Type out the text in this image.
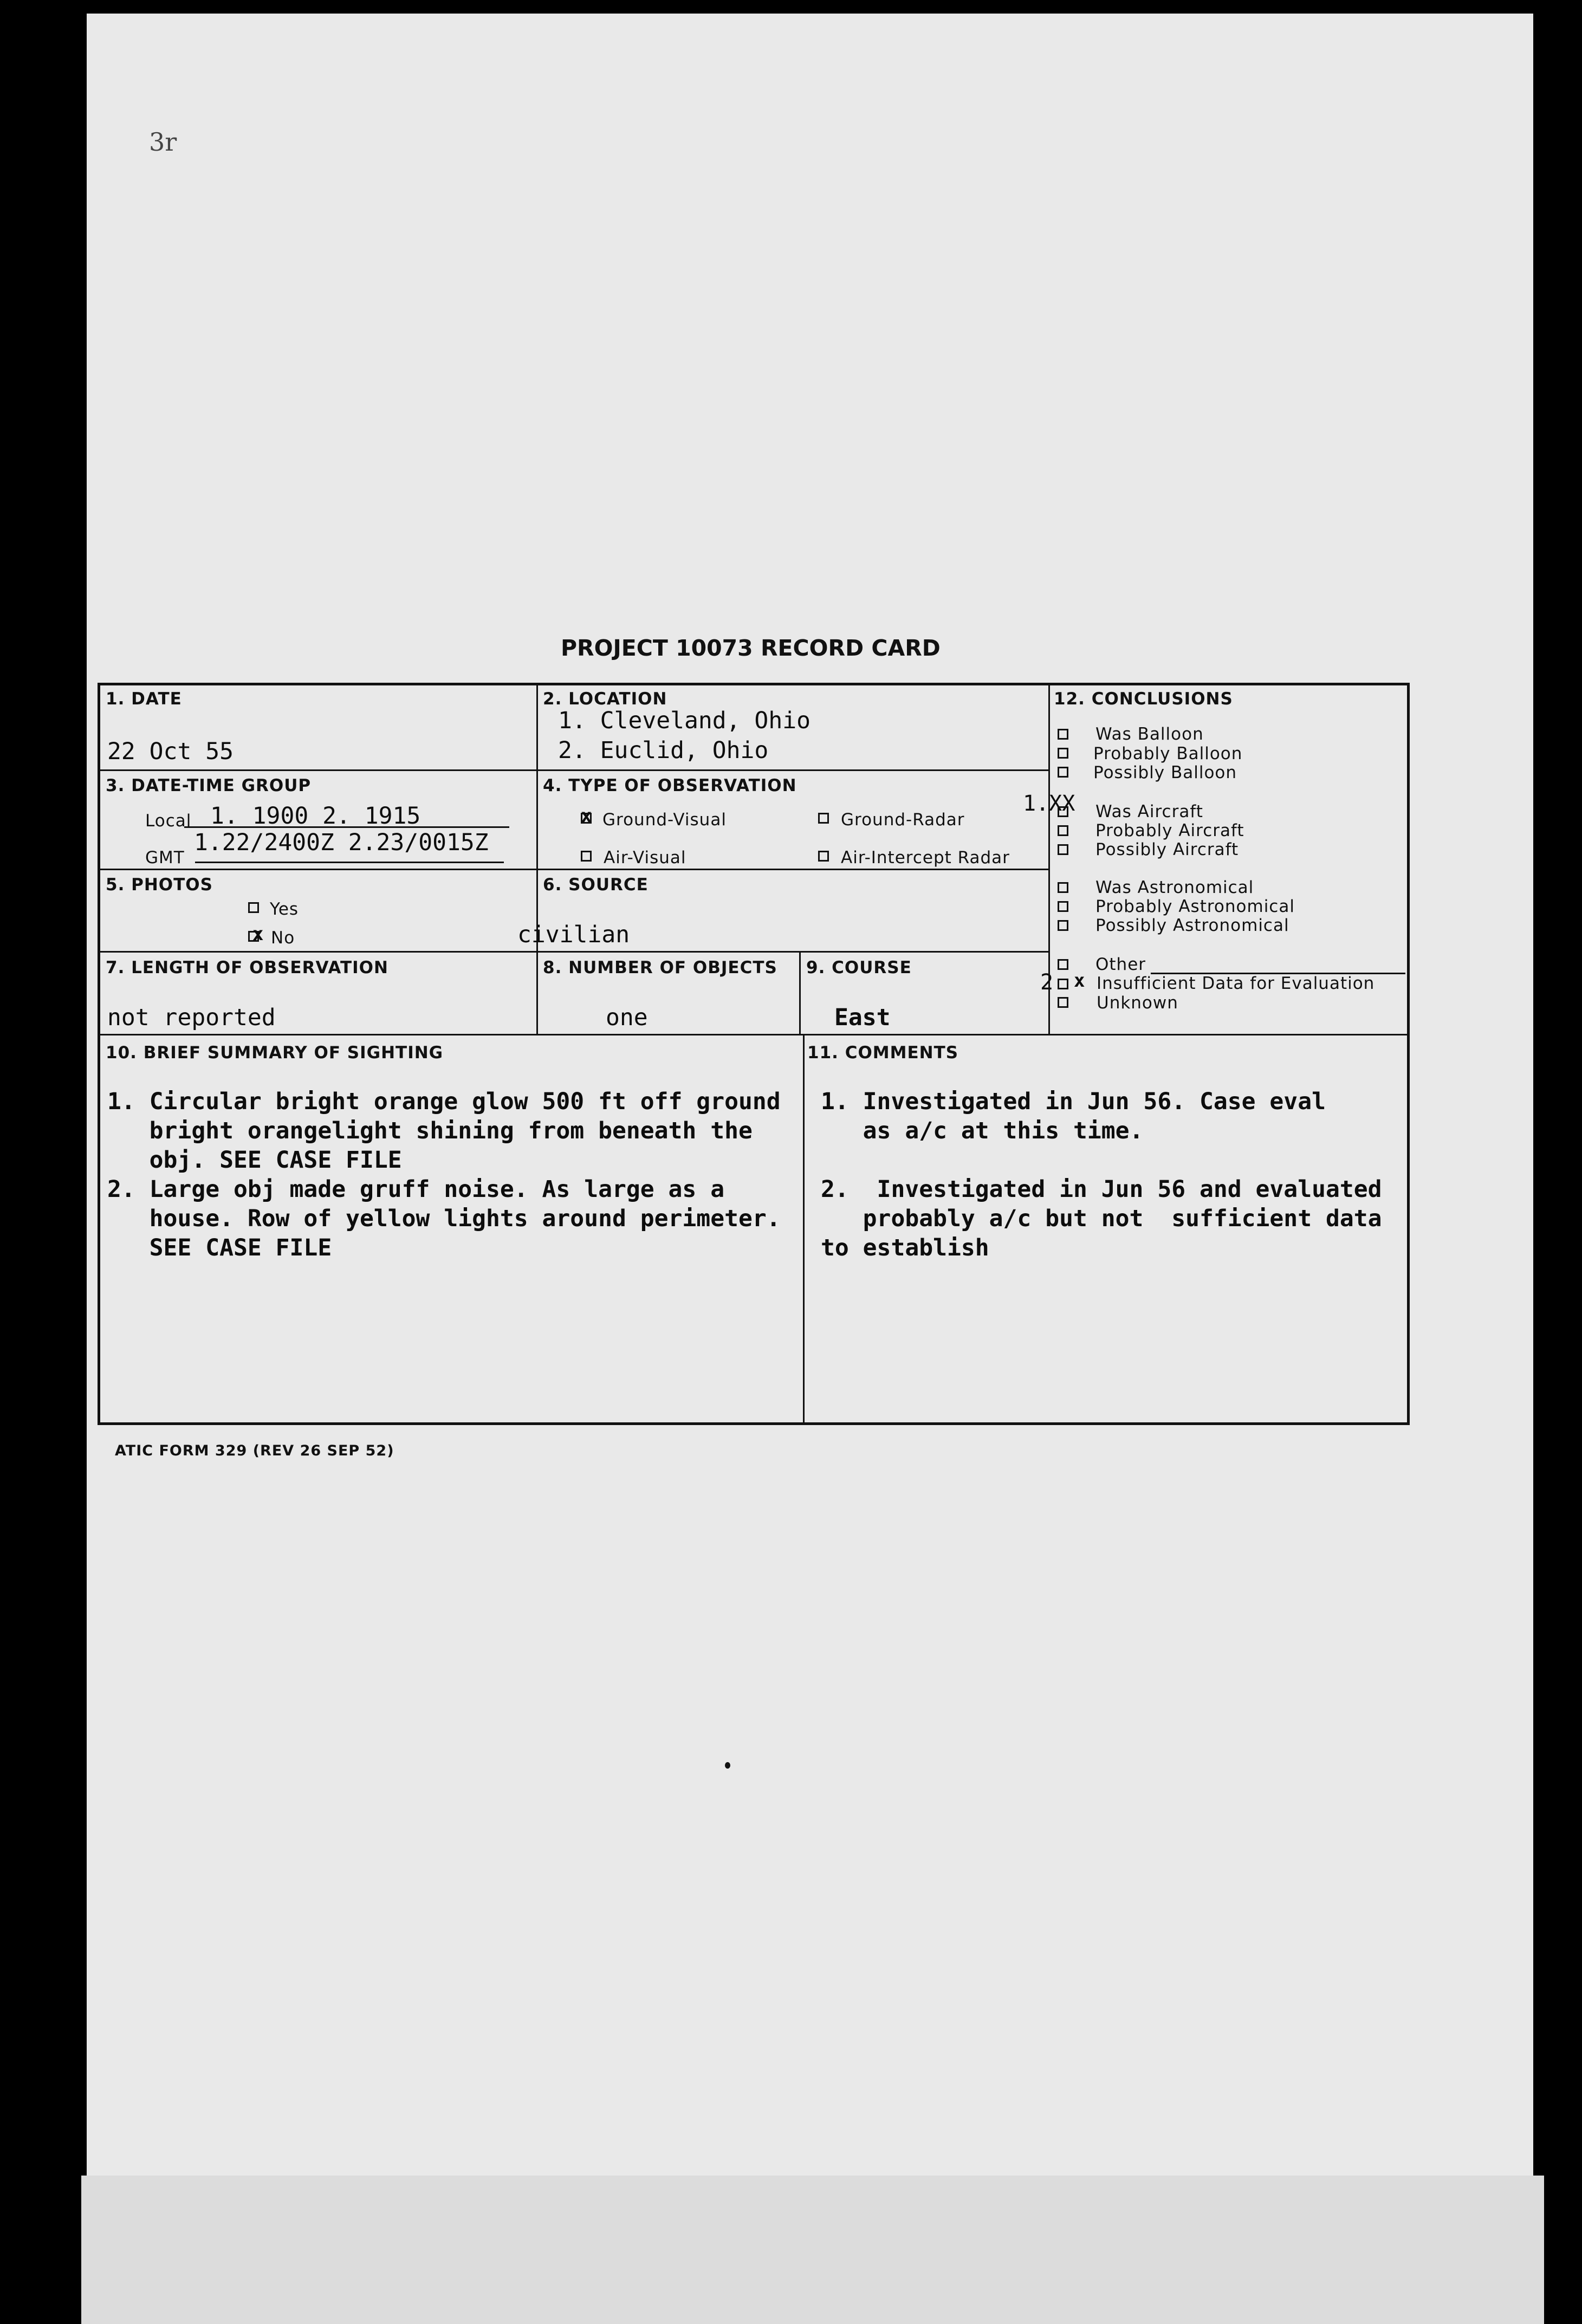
3r
PROJECT 10073 RECORD CARD
1. DATE
22 Oct 55
2. LOCATION
1. Cleveland, Ohio
2. Euclid, Ohio
3. DATE-TIME GROUP
Local 1. 1900 2. 1915
GMT
1.22/2400Z 2.23/0015Z
4. TYPE OF OBSERVATION
x Ground-Visual	Ground-Radar
Air-Visual	Air-Intercept Radar
5. PHOTOS
Yes
x No
6. SOURCE
civilian
7. LENGTH OF OBSERVATION
not reported
8. NUMBER OF OBJECTS
one
9. COURSE
East
12. CONCLUSIONS
Was Balloon
Probably Balloon
Possibly Balloon
1.XX Was Aircraft
Probably Aircraft
Possibly Aircraft
Was Astronomical
Probably Astronomical
Possibly Astronomical
Other
2 x Insufficient Data for Evaluation
Unknown
10. BRIEF SUMMARY OF SIGHTING
1. Circular bright orange glow 500 ft off ground
bright orangelight shining from beneath the
obj. SEE CASE FILE
2. Large obj made gruff noise. As large as a
house. Row of yellow lights around perimeter.
SEE CASE FILE
11. COMMENTS
1. Investigated in Jun 56. Case eval
as a/c at this time.
2.  Investigated in Jun 56 and evaluated
probably a/c but not  sufficient data
to establish
ATIC FORM 329 (REV 26 SEP 52)
